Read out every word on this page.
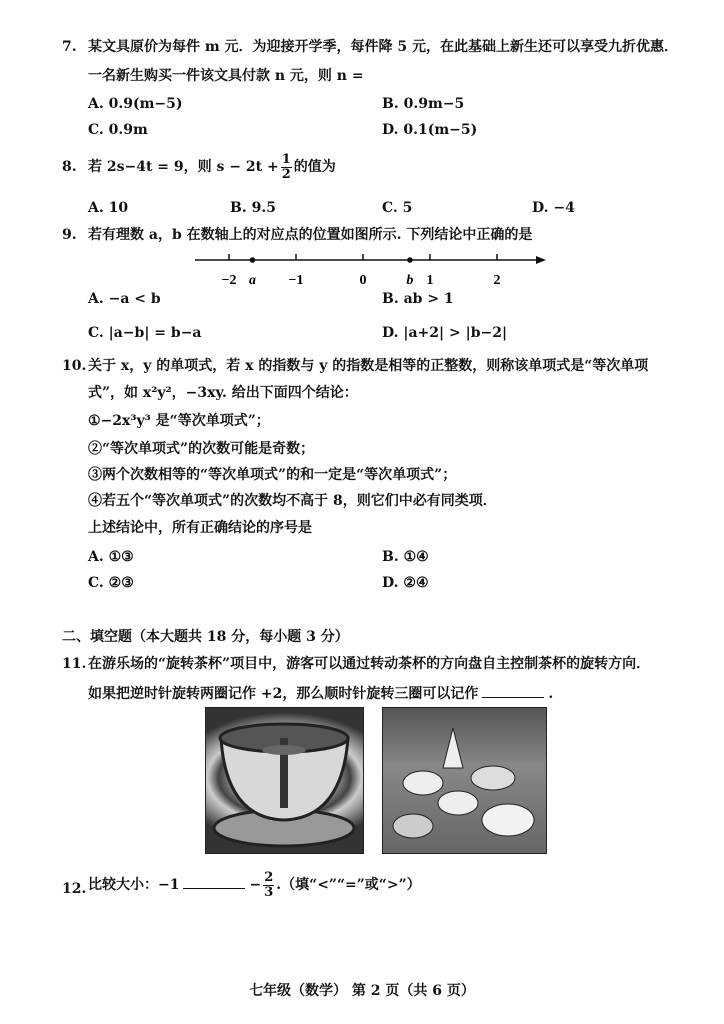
7. 某文具原价为每件 m 元．为迎接开学季，每件降 5 元，在此基础上新生还可以享受九折优惠．
一名新生购买一件该文具付款 n 元，则 n =
A. 0.9(m−5)	B. 0.9m−5
C. 0.9m	D. 0.1(m−5)
8. 若 2s−4t = 9，则 $s - 2t + \frac{1}{2}$ 的值为
A. 10	B. 9.5	C. 5	D. −4
9. 若有理数 a，b 在数轴上的对应点的位置如图所示. 下列结论中正确的是
−2	−1	0	1	2
a	b
A. −a < b	B. ab > 1
C. |a−b| = b−a	D. |a+2| > |b−2|
10. 关于 x，y 的单项式，若 x 的指数与 y 的指数是相等的正整数，则称该单项式是“等次单项
式”，如 x²y²，−3xy. 给出下面四个结论：
①−2x³y³ 是“等次单项式”；
②“等次单项式”的次数可能是奇数；
③两个次数相等的“等次单项式”的和一定是“等次单项式”；
④若五个“等次单项式”的次数均不高于 8，则它们中必有同类项．
上述结论中，所有正确结论的序号是
A. ①③	B. ①④
C. ②③	D. ②④
二、填空题（本大题共 18 分，每小题 3 分）
11. 在游乐场的“旋转茶杯”项目中，游客可以通过转动茶杯的方向盘自主控制茶杯的旋转方向．
如果把逆时针旋转两圈记作 +2，那么顺时针旋转三圈可以记作	.
12. 比较大小：−1	− $\frac{2}{3}$ .（填“<”“=”或“>”）
七年级（数学） 第 2 页（共 6 页）
